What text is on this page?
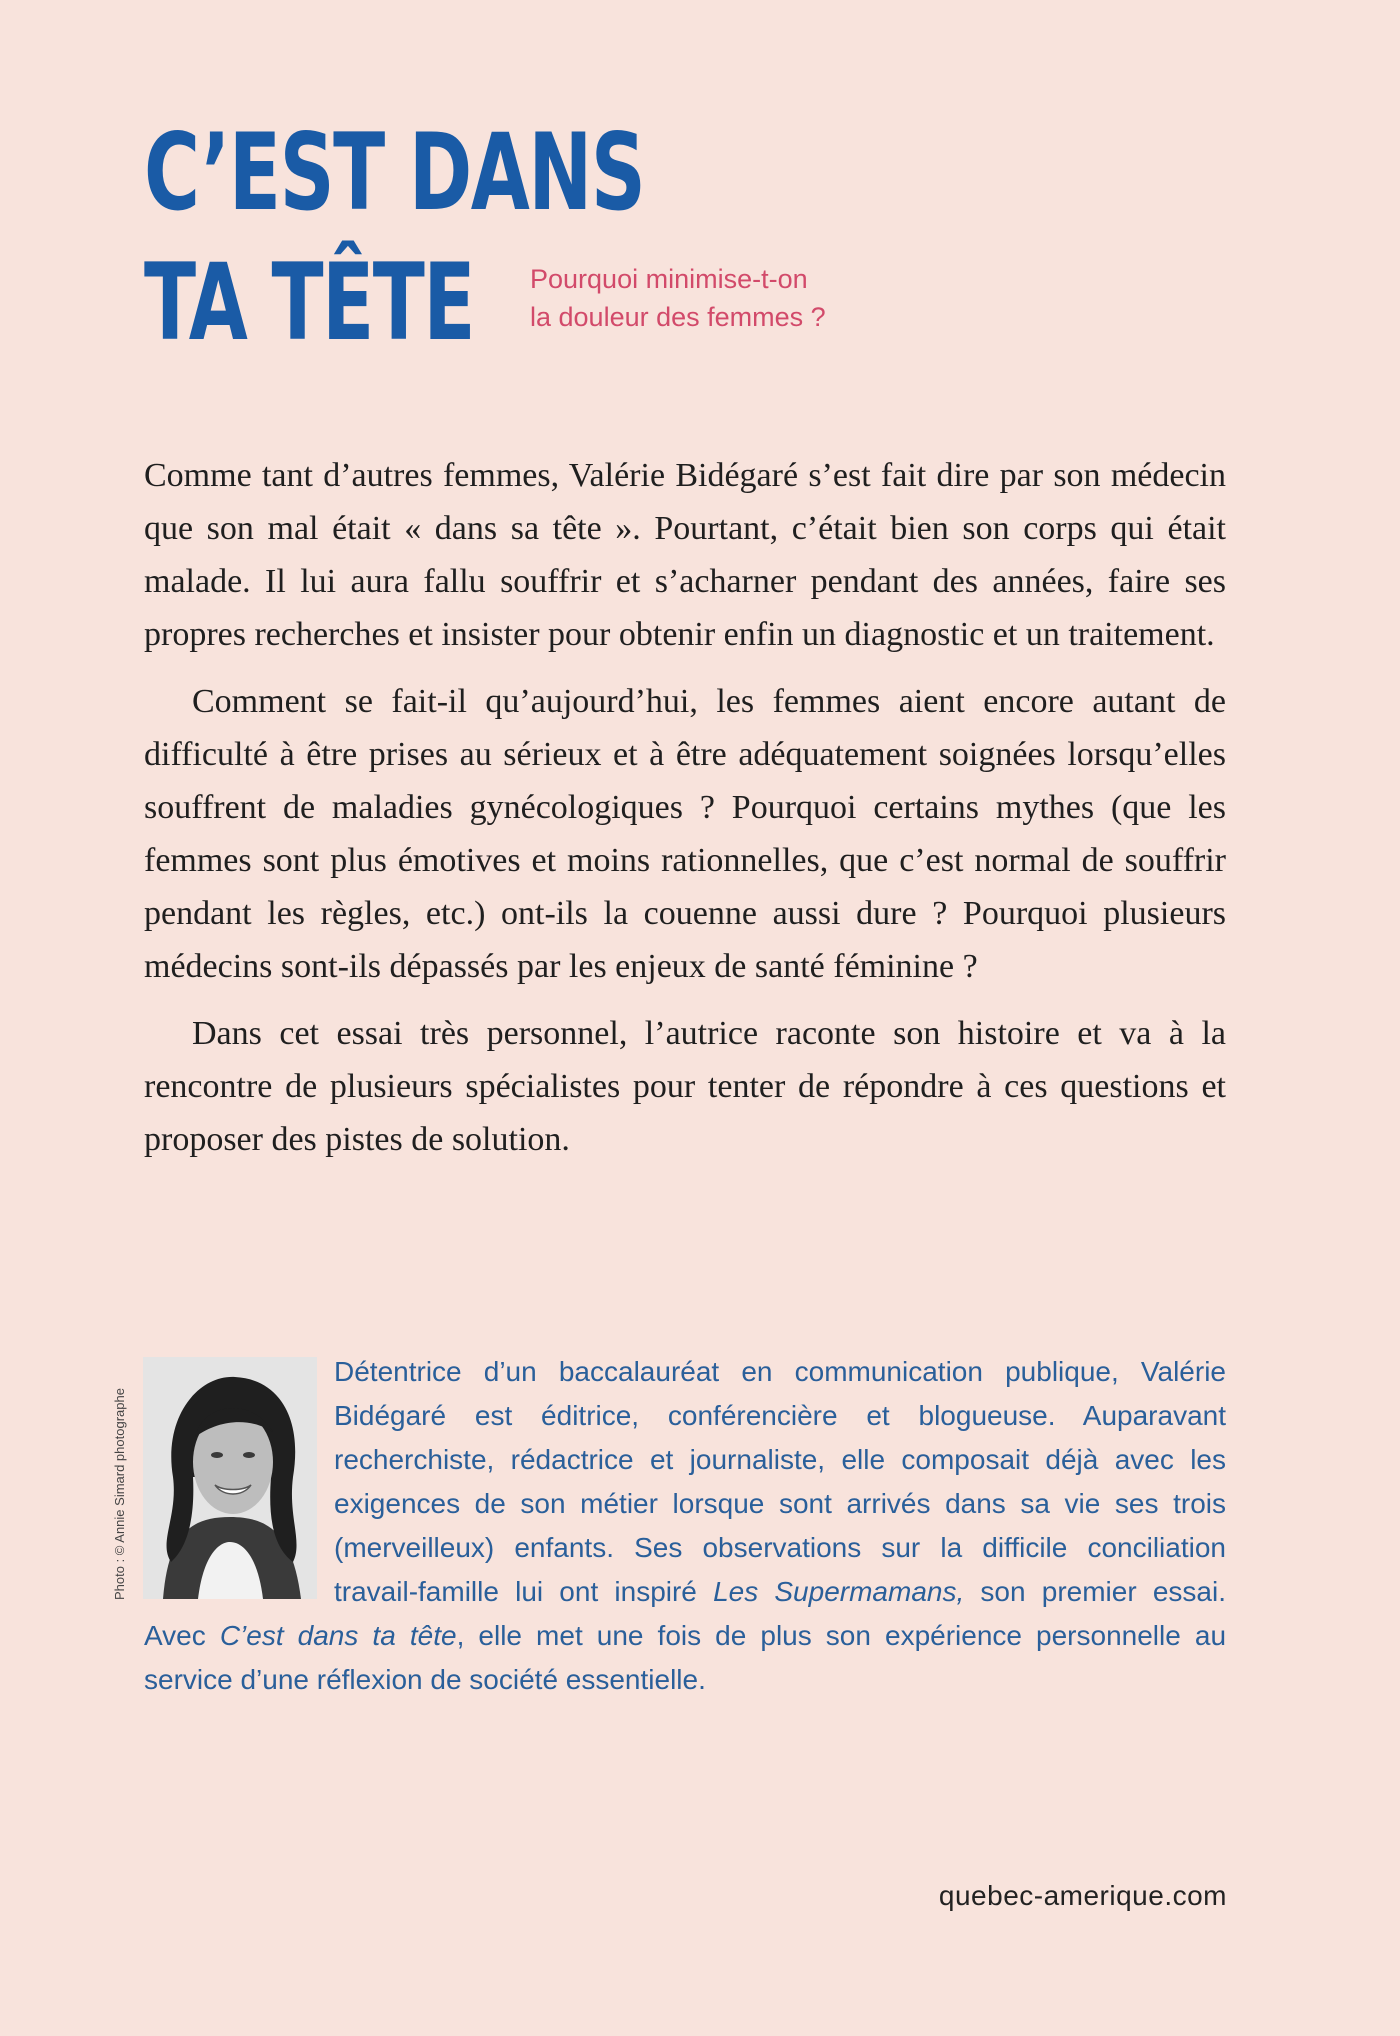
C’EST DANS
TA TÊTE	Pourquoi minimise-t-on
la douleur des femmes ?

Comme tant d’autres femmes, Valérie Bidégaré s’est fait dire par son médecin que son mal était « dans sa tête ». Pourtant, c’était bien son corps qui était malade. Il lui aura fallu souffrir et s’acharner pendant des années, faire ses propres recherches et insister pour obtenir enfin un diagnostic et un traitement.

Comment se fait-il qu’aujourd’hui, les femmes aient encore autant de difficulté à être prises au sérieux et à être adéquatement soignées lorsqu’elles souffrent de maladies gynécologiques ? Pourquoi certains mythes (que les femmes sont plus émotives et moins rationnelles, que c’est normal de souffrir pendant les règles, etc.) ont-ils la couenne aussi dure ? Pourquoi plusieurs médecins sont-ils dépassés par les enjeux de santé féminine ?

Dans cet essai très personnel, l’autrice raconte son histoire et va à la rencontre de plusieurs spécialistes pour tenter de répondre à ces questions et proposer des pistes de solution.

Photo : © Annie Simard photographe

Détentrice d’un baccalauréat en communication publique, Valérie Bidégaré est éditrice, conférencière et blogueuse. Auparavant recherchiste, rédactrice et journaliste, elle composait déjà avec les exigences de son métier lorsque sont arrivés dans sa vie ses trois (merveilleux) enfants. Ses observations sur la difficile conciliation travail-famille lui ont inspiré Les Supermamans, son premier essai. Avec C’est dans ta tête, elle met une fois de plus son expérience personnelle au service d’une réflexion de société essentielle.

quebec-amerique.com
